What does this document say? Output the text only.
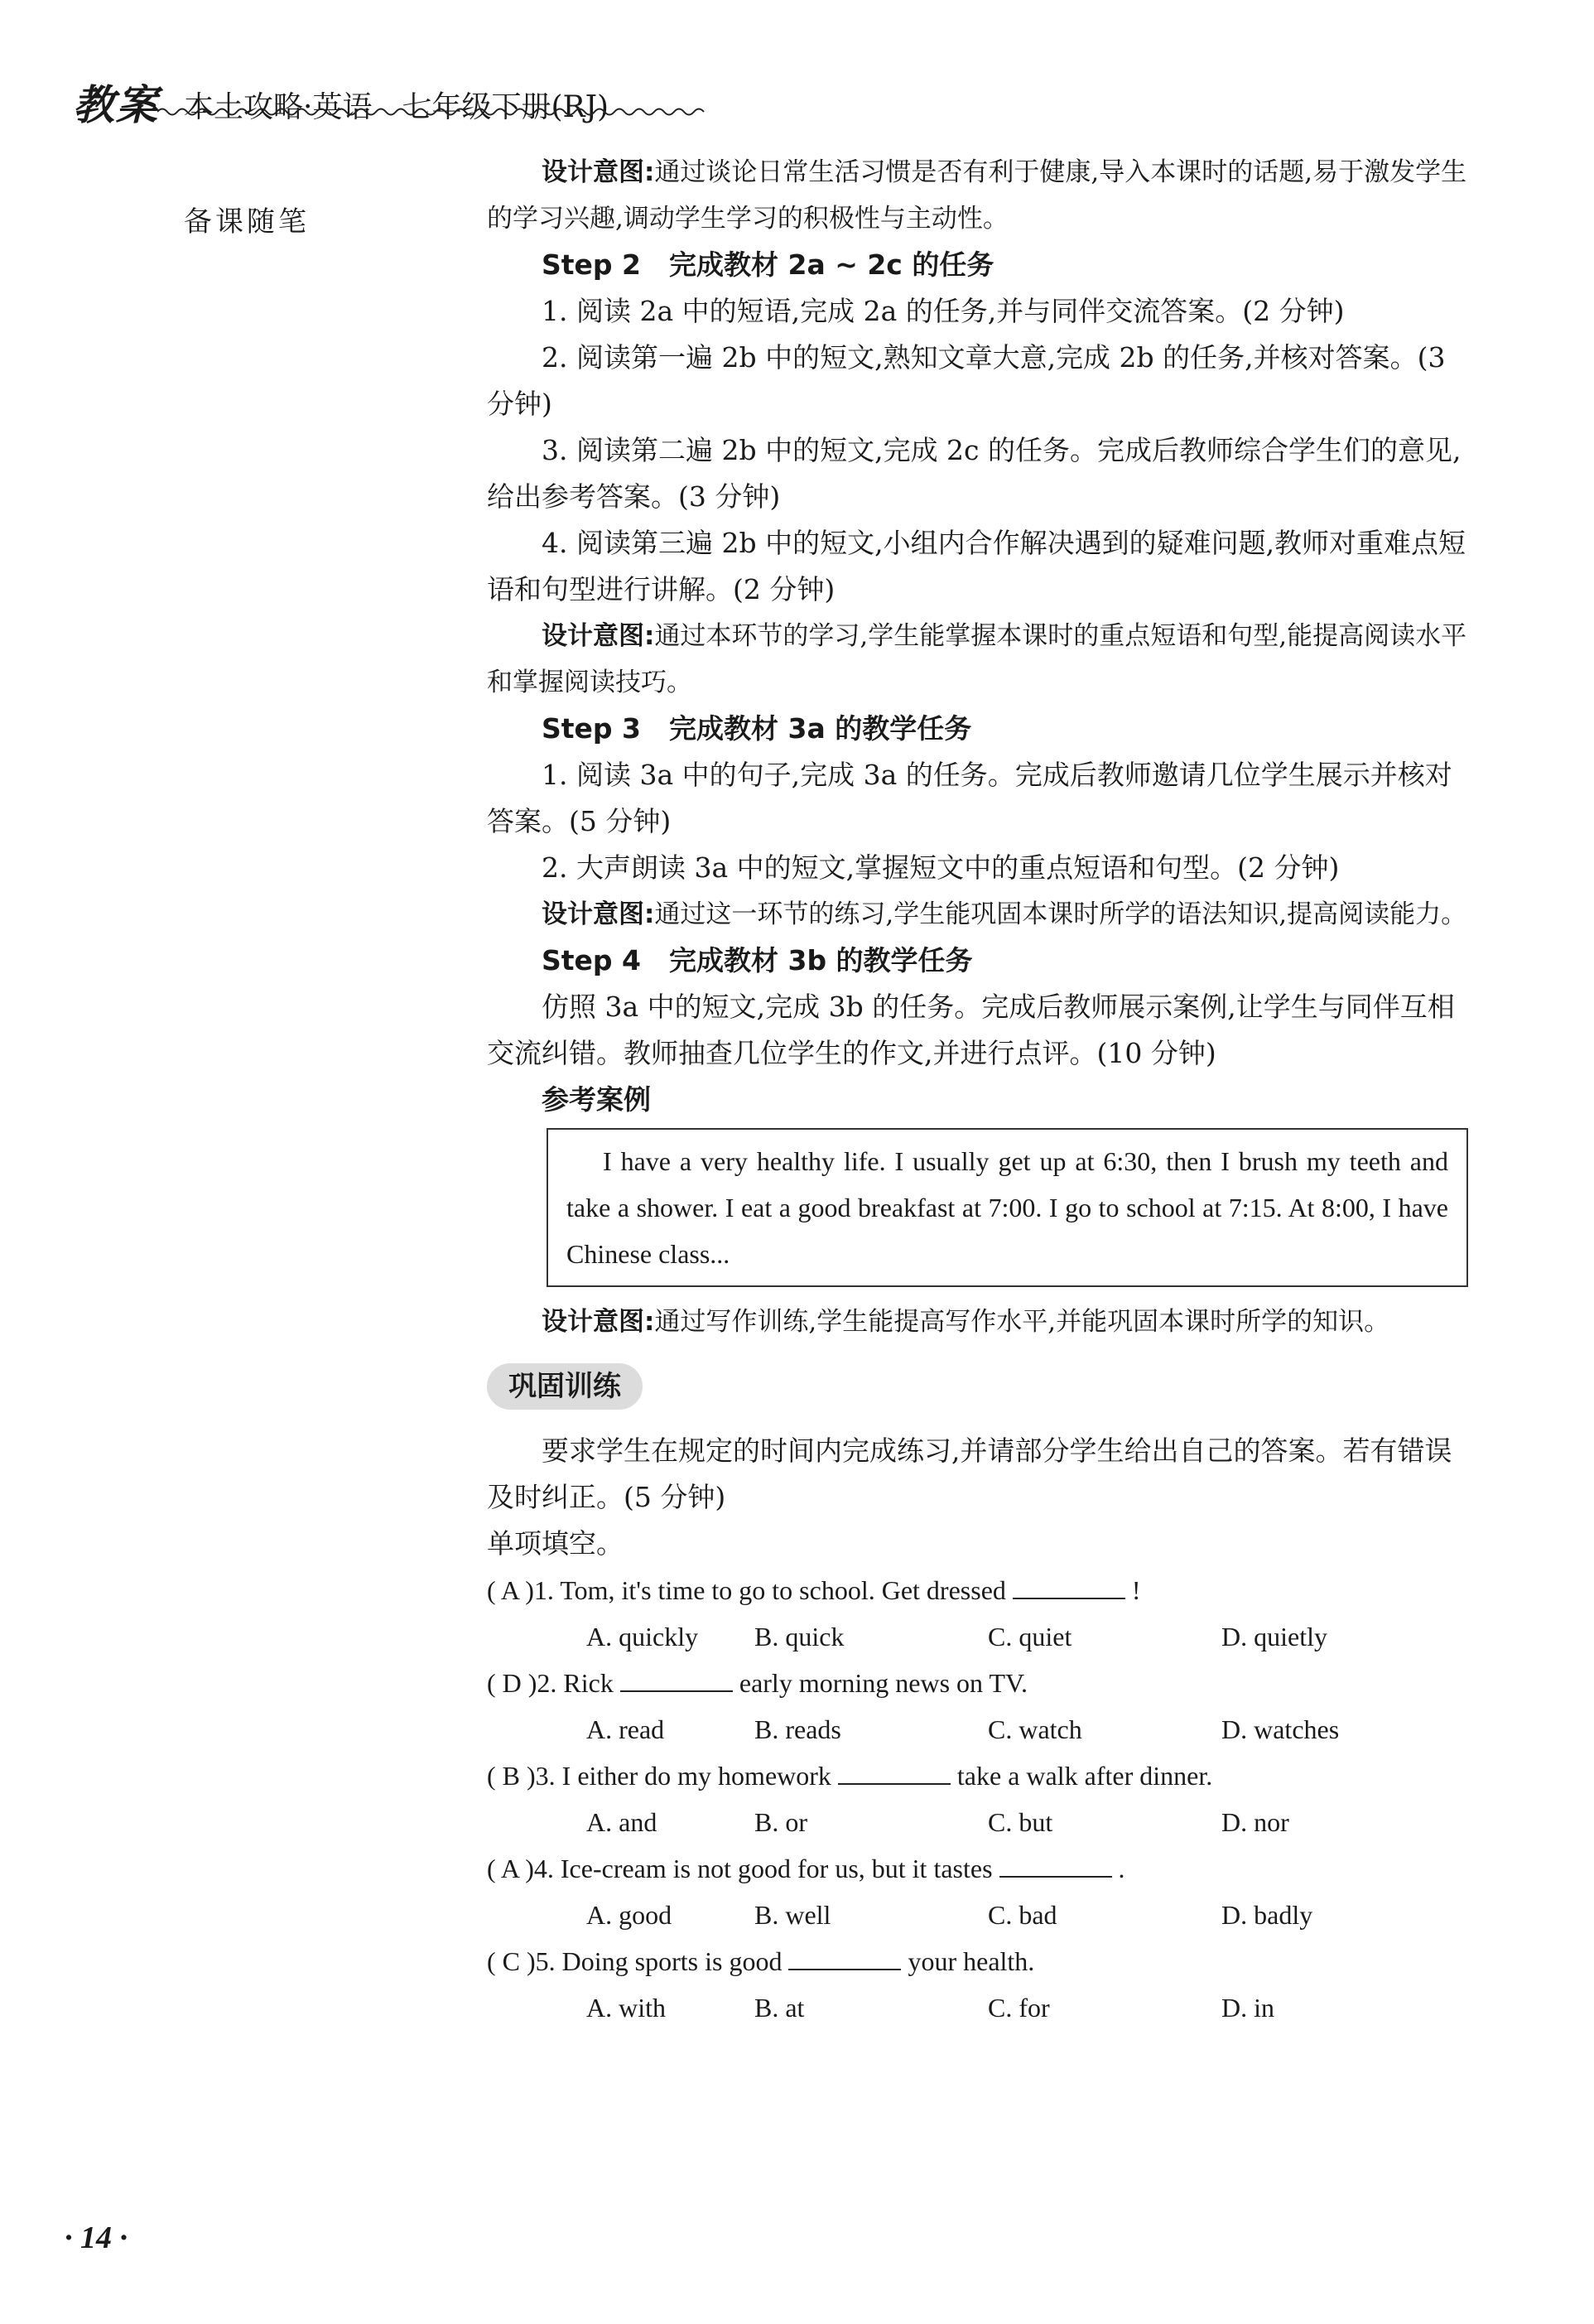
教案 本土攻略·英语　七年级下册(RJ)
备课随笔

设计意图:通过谈论日常生活习惯是否有利于健康,导入本课时的话题,易于激发学生的学习兴趣,调动学生学习的积极性与主动性。

Step 2 完成教材 2a ~ 2c 的任务

1. 阅读 2a 中的短语,完成 2a 的任务,并与同伴交流答案。(2 分钟)

2. 阅读第一遍 2b 中的短文,熟知文章大意,完成 2b 的任务,并核对答案。(3 分钟)

3. 阅读第二遍 2b 中的短文,完成 2c 的任务。完成后教师综合学生们的意见,给出参考答案。(3 分钟)

4. 阅读第三遍 2b 中的短文,小组内合作解决遇到的疑难问题,教师对重难点短语和句型进行讲解。(2 分钟)

设计意图:通过本环节的学习,学生能掌握本课时的重点短语和句型,能提高阅读水平和掌握阅读技巧。

Step 3 完成教材 3a 的教学任务

1. 阅读 3a 中的句子,完成 3a 的任务。完成后教师邀请几位学生展示并核对答案。(5 分钟)

2. 大声朗读 3a 中的短文,掌握短文中的重点短语和句型。(2 分钟)

设计意图:通过这一环节的练习,学生能巩固本课时所学的语法知识,提高阅读能力。

Step 4 完成教材 3b 的教学任务

仿照 3a 中的短文,完成 3b 的任务。完成后教师展示案例,让学生与同伴互相交流纠错。教师抽查几位学生的作文,并进行点评。(10 分钟)

参考案例

I have a very healthy life. I usually get up at 6:30, then I brush my teeth and take a shower. I eat a good breakfast at 7:00. I go to school at 7:15. At 8:00, I have Chinese class...

设计意图:通过写作训练,学生能提高写作水平,并能巩固本课时所学的知识。

巩固训练

要求学生在规定的时间内完成练习,并请部分学生给出自己的答案。若有错误及时纠正。(5 分钟)

单项填空。

( A )1. Tom, it's time to go to school. Get dressed	!
A. quickly B. quick	C. quiet	D. quietly
( D )2. Rick	early morning news on TV.
A. read	B. reads	C. watch	D. watches
( B )3. I either do my homework	take a walk after dinner.
A. and	B. or	C. but	D. nor
( A )4. Ice-cream is not good for us, but it tastes	.
A. good	B. well	C. bad	D. badly
( C )5. Doing sports is good	your health.
A. with	B. at	C. for	D. in
· 14 ·
